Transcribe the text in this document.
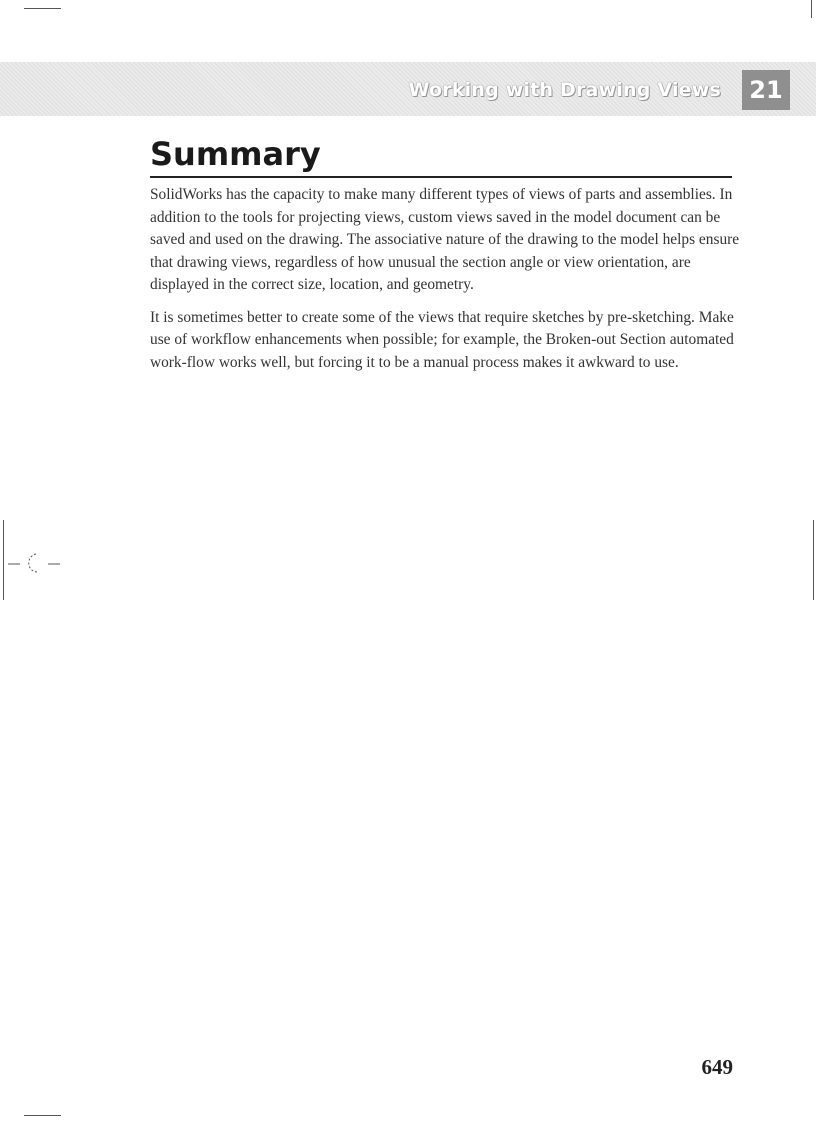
Working with Drawing Views	21
Summary

SolidWorks has the capacity to make many different types of views of parts and assemblies. In addition to the tools for projecting views, custom views saved in the model document can be saved and used on the drawing. The associative nature of the drawing to the model helps ensure that drawing views, regardless of how unusual the section angle or view orientation, are displayed in the correct size, location, and geometry.

It is sometimes better to create some of the views that require sketches by pre-sketching. Make use of workflow enhancements when possible; for example, the Broken-out Section automated work-flow works well, but forcing it to be a manual process makes it awkward to use.

649
